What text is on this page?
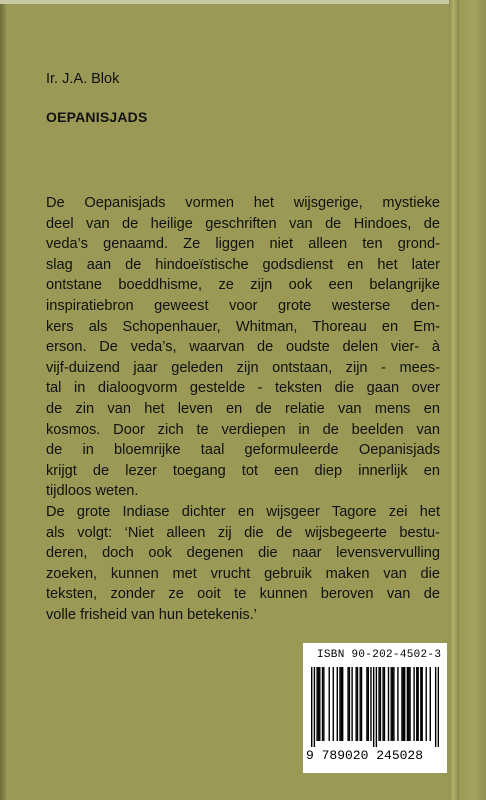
Ir. J.A. Blok

OEPANISJADS

De Oepanisjads vormen het wijsgerige, mystieke
deel van de heilige geschriften van de Hindoes, de
veda’s genaamd. Ze liggen niet alleen ten grond-
slag aan de hindoeïstische godsdienst en het later
ontstane boeddhisme, ze zijn ook een belangrijke
inspiratiebron geweest voor grote westerse den-
kers als Schopenhauer, Whitman, Thoreau en Em-
erson. De veda’s, waarvan de oudste delen vier- à
vijf-duizend jaar geleden zijn ontstaan, zijn - mees-
tal in dialoogvorm gestelde - teksten die gaan over
de zin van het leven en de relatie van mens en
kosmos. Door zich te verdiepen in de beelden van
de in bloemrijke taal geformuleerde Oepanisjads
krijgt de lezer toegang tot een diep innerlijk en
tijdloos weten.

De grote Indiase dichter en wijsgeer Tagore zei het
als volgt: ‘Niet alleen zij die de wijsbegeerte bestu-
deren, doch ook degenen die naar levensvervulling
zoeken, kunnen met vrucht gebruik maken van die
teksten, zonder ze ooit te kunnen beroven van de
volle frisheid van hun betekenis.’

ISBN 90-202-4502-3
9 789020 245028
